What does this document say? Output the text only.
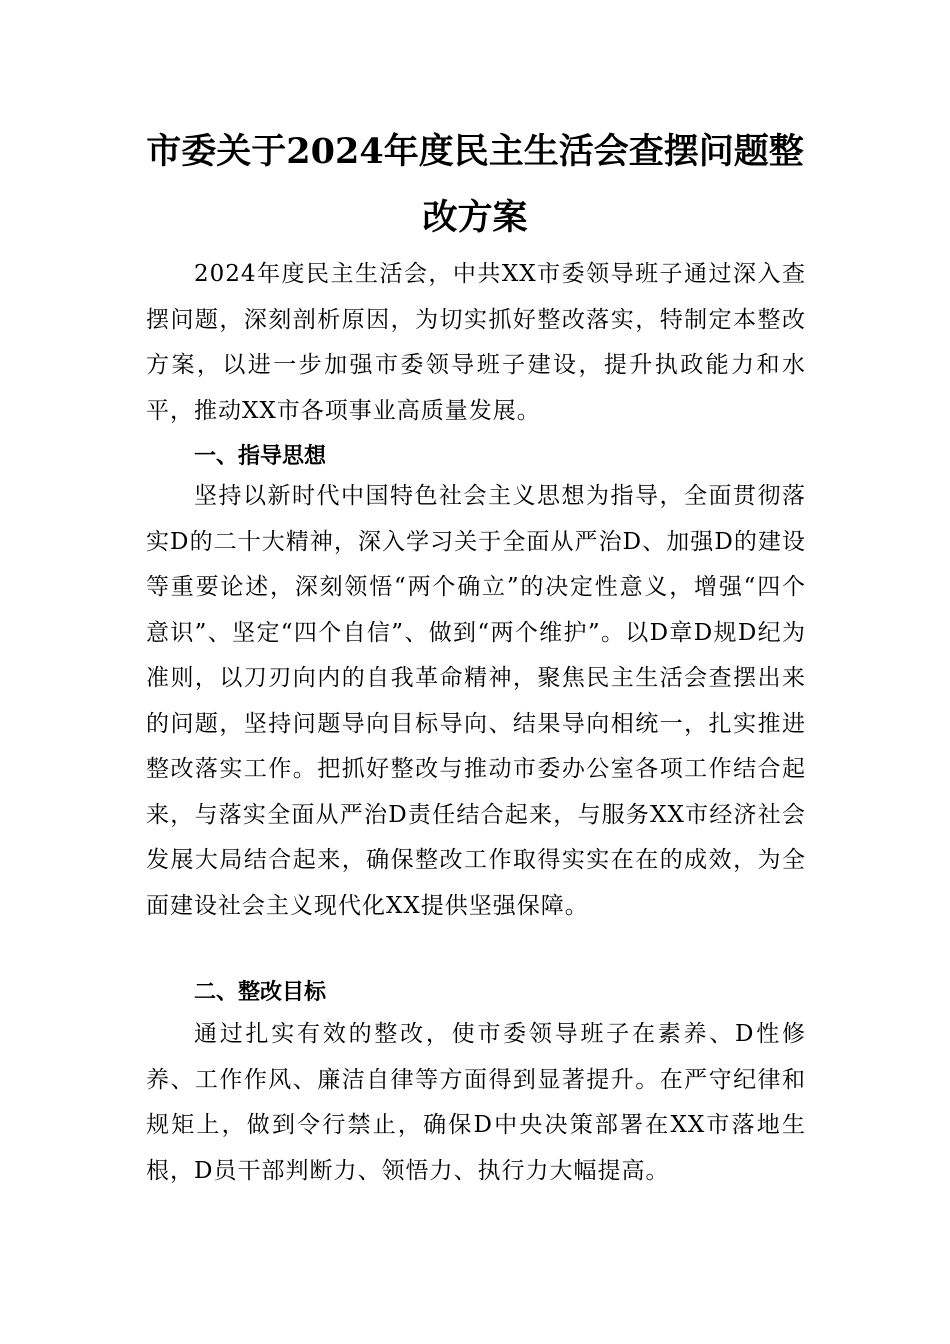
市委关于2024年度民主生活会查摆问题整
改方案

2024年度民主生活会，中共XX市委领导班子通过深入查摆问题，深刻剖析原因，为切实抓好整改落实，特制定本整改方案，以进一步加强市委领导班子建设，提升执政能力和水平，推动XX市各项事业高质量发展。

一、指导思想

坚持以新时代中国特色社会主义思想为指导，全面贯彻落实D的二十大精神，深入学习关于全面从严治D、加强D的建设等重要论述，深刻领悟“两个确立”的决定性意义，增强“四个意识”、坚定“四个自信”、做到“两个维护”。以D章D规D纪为准则，以刀刃向内的自我革命精神，聚焦民主生活会查摆出来的问题，坚持问题导向目标导向、结果导向相统一，扎实推进整改落实工作。把抓好整改与推动市委办公室各项工作结合起来，与落实全面从严治D责任结合起来，与服务XX市经济社会发展大局结合起来，确保整改工作取得实实在在的成效，为全面建设社会主义现代化XX提供坚强保障。

二、整改目标

通过扎实有效的整改，使市委领导班子在素养、D性修养、工作作风、廉洁自律等方面得到显著提升。在严守纪律和规矩上，做到令行禁止，确保D中央决策部署在XX市落地生根，D员干部判断力、领悟力、执行力大幅提高。
